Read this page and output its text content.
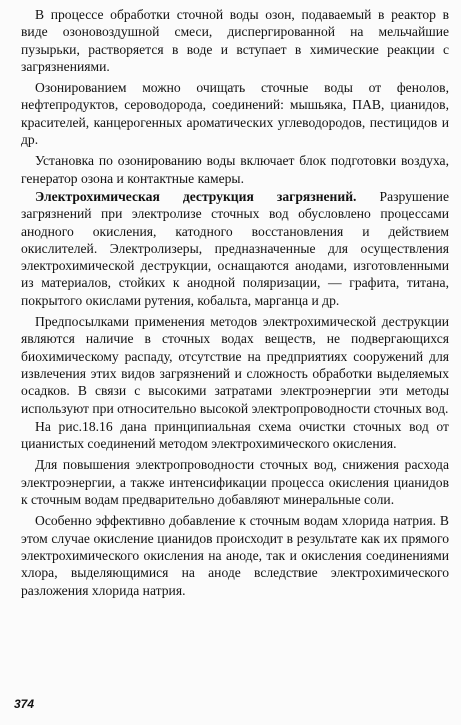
В процессе обработки сточной воды озон, подаваемый в реактор в виде озоновоздушной смеси, диспергированной на мельчайшие пузырьки, растворяется в воде и вступает в химические реакции с загрязнениями.

Озонированием можно очищать сточные воды от фенолов, нефтепродуктов, сероводорода, соединений: мышьяка, ПАВ, цианидов, красителей, канцерогенных ароматических углеводородов, пестицидов и др.

Установка по озонированию воды включает блок подготовки воздуха, генератор озона и контактные камеры.

Электрохимическая деструкция загрязнений. Разрушение загрязнений при электролизе сточных вод обусловлено процессами анодного окисления, катодного восстановления и действием окислителей. Электролизеры, предназначенные для осуществления электрохимической деструкции, оснащаются анодами, изготовленными из материалов, стойких к анодной поляризации, — графита, титана, покрытого окислами рутения, кобальта, марганца и др.

Предпосылками применения методов электрохимической деструкции являются наличие в сточных водах веществ, не подвергающихся биохимическому распаду, отсутствие на предприятиях сооружений для извлечения этих видов загрязнений и сложность обработки выделяемых осадков. В связи с высокими затратами электроэнергии эти методы используют при относительно высокой электропроводности сточных вод.

На рис.18.16 дана принципиальная схема очистки сточных вод от цианистых соединений методом электрохимического окисления.

Для повышения электропроводности сточных вод, снижения расхода электроэнергии, а также интенсификации процесса окисления цианидов к сточным водам предварительно добавляют минеральные соли.

Особенно эффективно добавление к сточным водам хлорида натрия. В этом случае окисление цианидов происходит в результате как их прямого электрохимического окисления на аноде, так и окисления соединениями хлора, выделяющимися на аноде вследствие электрохимического разложения хлорида натрия.

374
